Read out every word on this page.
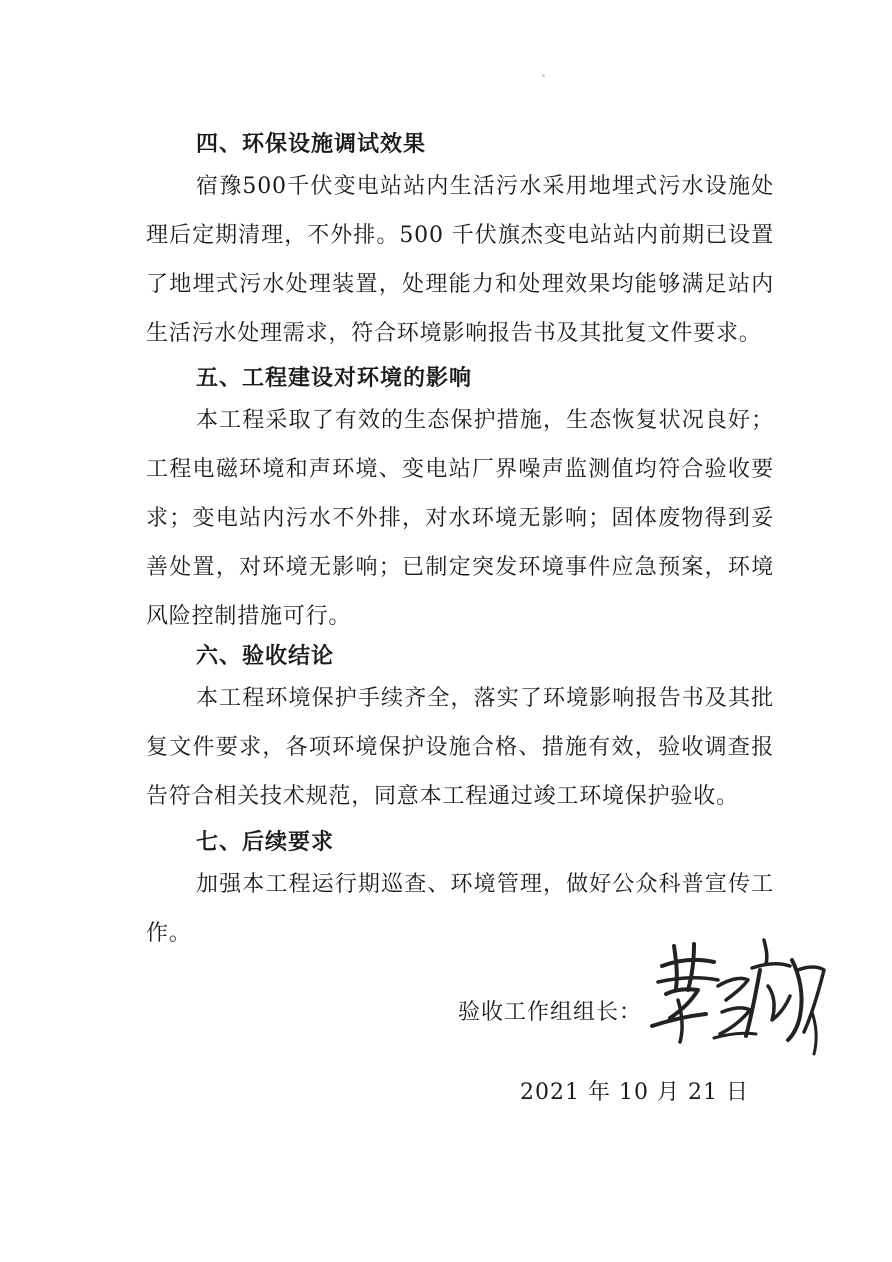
四、环保设施调试效果

宿豫500千伏变电站站内生活污水采用地埋式污水设施处理后定期清理，不外排。500 千伏旗杰变电站站内前期已设置了地埋式污水处理装置，处理能力和处理效果均能够满足站内生活污水处理需求，符合环境影响报告书及其批复文件要求。

五、工程建设对环境的影响

本工程采取了有效的生态保护措施，生态恢复状况良好；工程电磁环境和声环境、变电站厂界噪声监测值均符合验收要求；变电站内污水不外排，对水环境无影响；固体废物得到妥善处置，对环境无影响；已制定突发环境事件应急预案，环境风险控制措施可行。

六、验收结论

本工程环境保护手续齐全，落实了环境影响报告书及其批复文件要求，各项环境保护设施合格、措施有效，验收调查报告符合相关技术规范，同意本工程通过竣工环境保护验收。

七、后续要求

加强本工程运行期巡查、环境管理，做好公众科普宣传工作。

验收工作组组长：
2021 年 10 月 21 日
